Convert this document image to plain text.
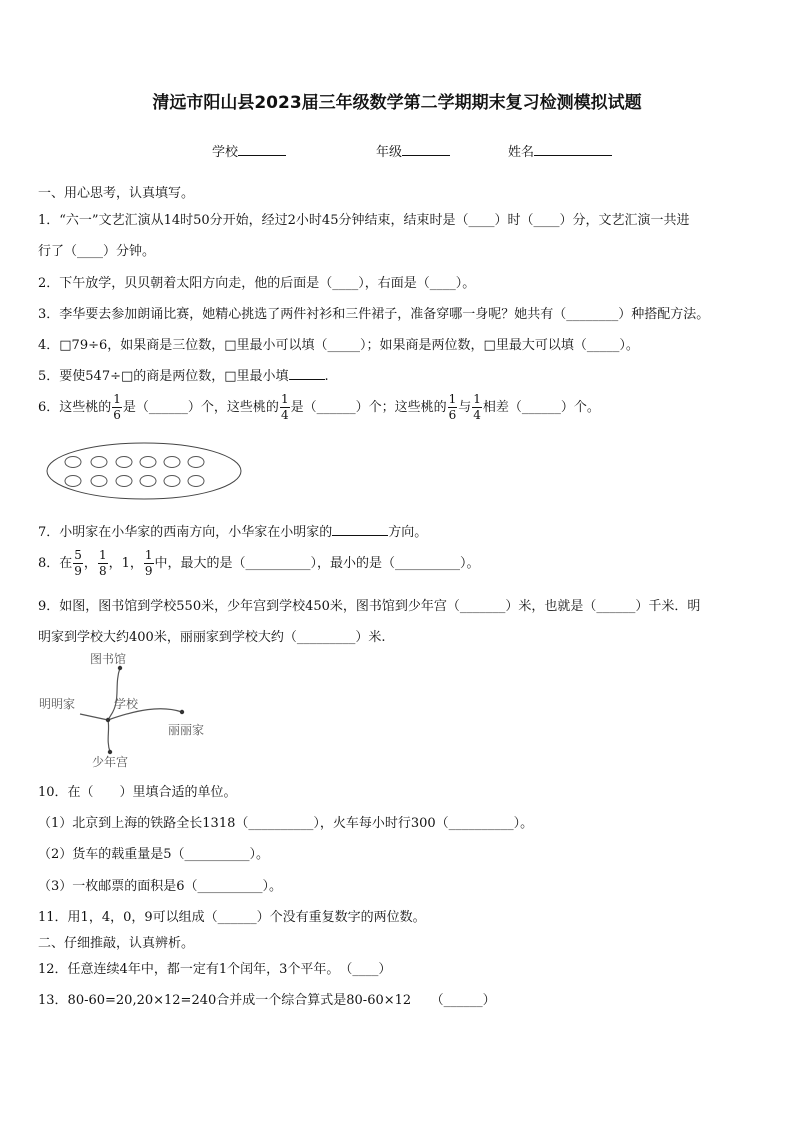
清远市阳山县2023届三年级数学第二学期期末复习检测模拟试题
学校	年级	姓名
一、用心思考，认真填写。
1．“六一”文艺汇演从14时50分开始，经过2小时45分钟结束，结束时是（____）时（____）分，文艺汇演一共进
行了（____）分钟。
2．下午放学，贝贝朝着太阳方向走，他的后面是（____），右面是（____）。
3．李华要去参加朗诵比赛，她精心挑选了两件衬衫和三件裙子，准备穿哪一身呢？她共有（________）种搭配方法。
4．□79÷6，如果商是三位数，□里最小可以填（_____）；如果商是两位数，□里最大可以填（_____）。
5．要使547÷□的商是两位数，□里最小填	.
6．这些桃的 $\frac{1}{6}$ 是（______）个，这些桃的 $\frac{1}{4}$ 是（______）个；这些桃的 $\frac{1}{6}$ 与 $\frac{1}{4}$ 相差（______）个。
7．小明家在小华家的西南方向，小华家在小明家的	方向。
8．在 $\frac{5}{9}$ ， $\frac{1}{8}$ ，1， $\frac{1}{9}$ 中，最大的是（__________），最小的是（__________）。
9．如图，图书馆到学校550米，少年宫到学校450米，图书馆到少年宫（_______）米，也就是（______）千米．明
明家到学校大约400米，丽丽家到学校大约（_________）米.
图书馆
学校
明明家
丽丽家
少年宫
10．在（　　）里填合适的单位。
（1）北京到上海的铁路全长1318（__________），火车每小时行300（__________）。
（2）货车的载重量是5（__________）。
（3）一枚邮票的面积是6（__________）。
11．用1，4，0，9可以组成（______）个没有重复数字的两位数。
二、仔细推敲，认真辨析。
12．任意连续4年中，都一定有1个闰年，3个平年。　（____）
13．80-60=20,20×12=240合并成一个综合算式是80-60×12　　（______）
